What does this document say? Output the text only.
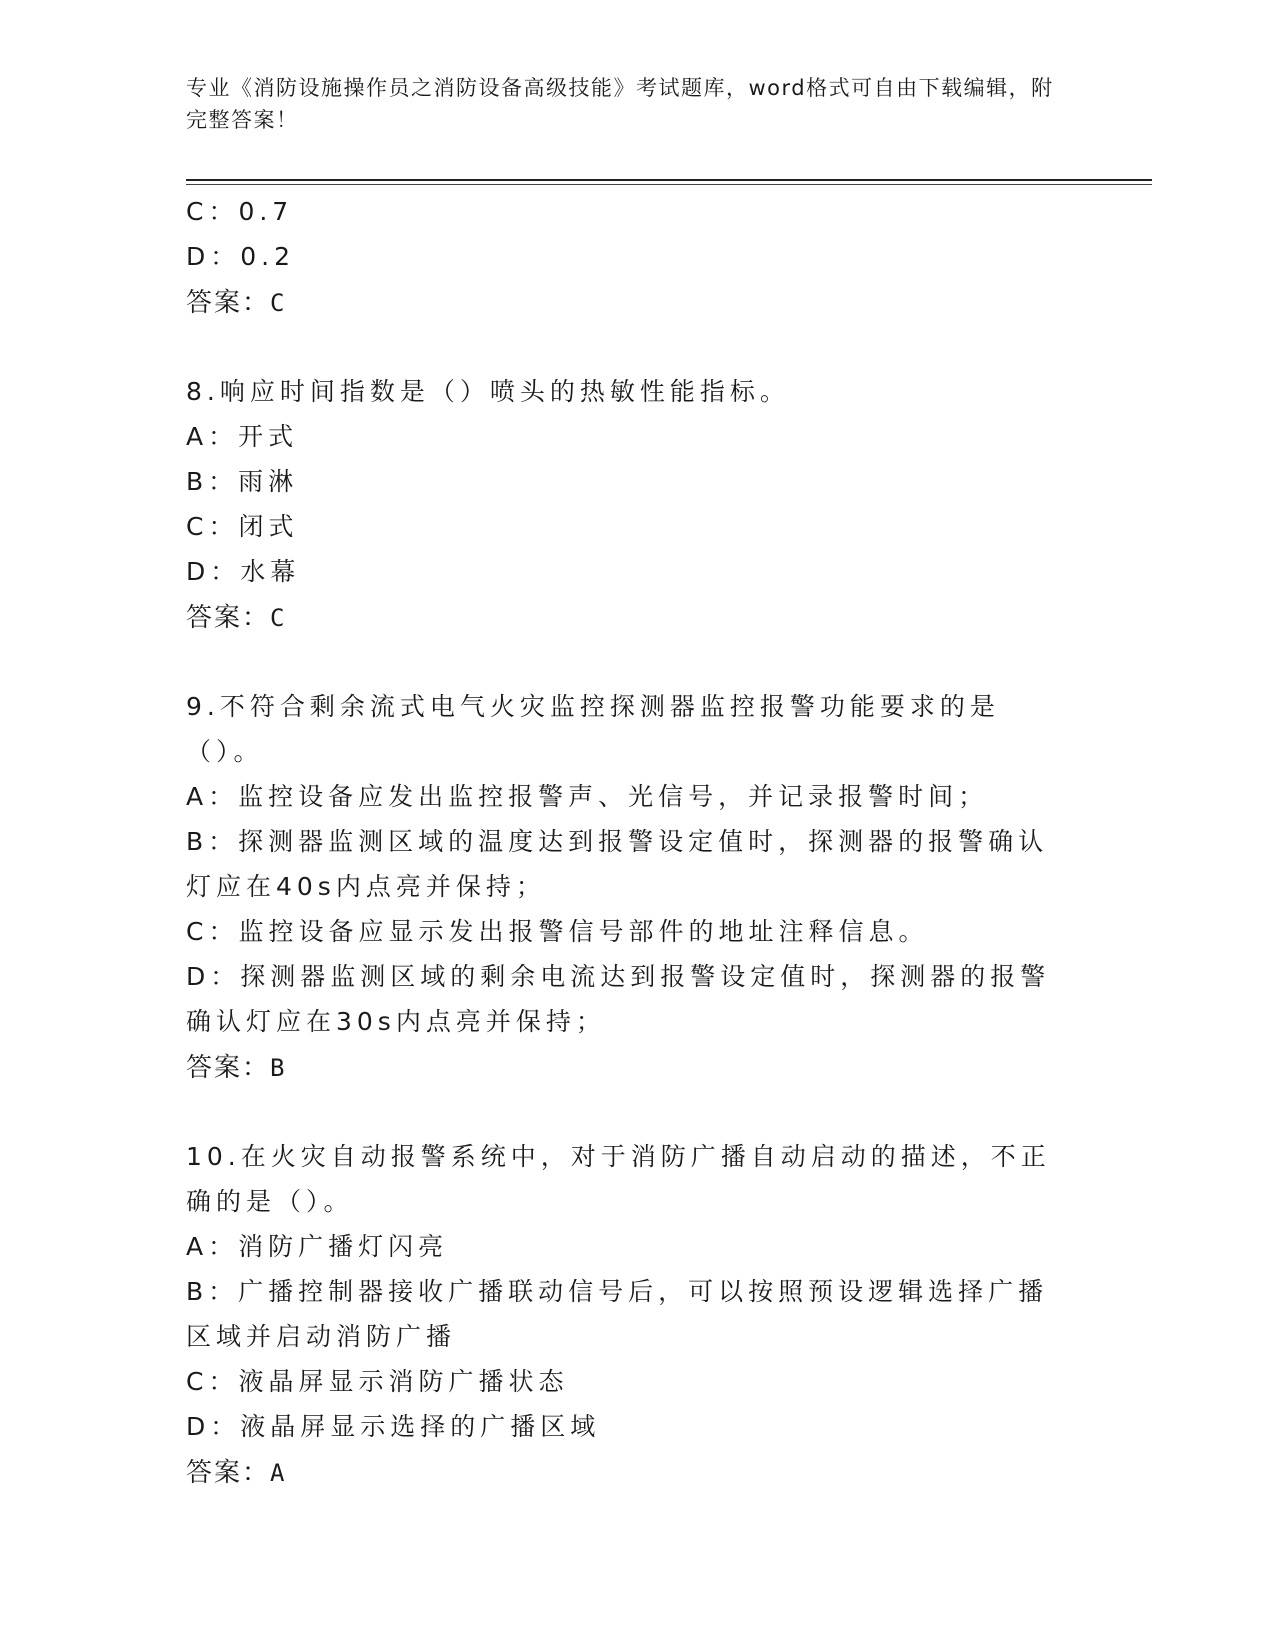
专业《消防设施操作员之消防设备高级技能》考试题库，word格式可自由下载编辑，附完整答案！
C：0.7
D：0.2
答案：C
8.响应时间指数是（）喷头的热敏性能指标。
A：开式
B：雨淋
C：闭式
D：水幕
答案：C
9.不符合剩余流式电气火灾监控探测器监控报警功能要求的是（）。
A：监控设备应发出监控报警声、光信号，并记录报警时间；
B：探测器监测区域的温度达到报警设定值时，探测器的报警确认灯应在40s内点亮并保持；
C：监控设备应显示发出报警信号部件的地址注释信息。
D：探测器监测区域的剩余电流达到报警设定值时，探测器的报警确认灯应在30s内点亮并保持；
答案：B
10.在火灾自动报警系统中，对于消防广播自动启动的描述，不正确的是（）。
A：消防广播灯闪亮
B：广播控制器接收广播联动信号后，可以按照预设逻辑选择广播区域并启动消防广播
C：液晶屏显示消防广播状态
D：液晶屏显示选择的广播区域
答案：A
